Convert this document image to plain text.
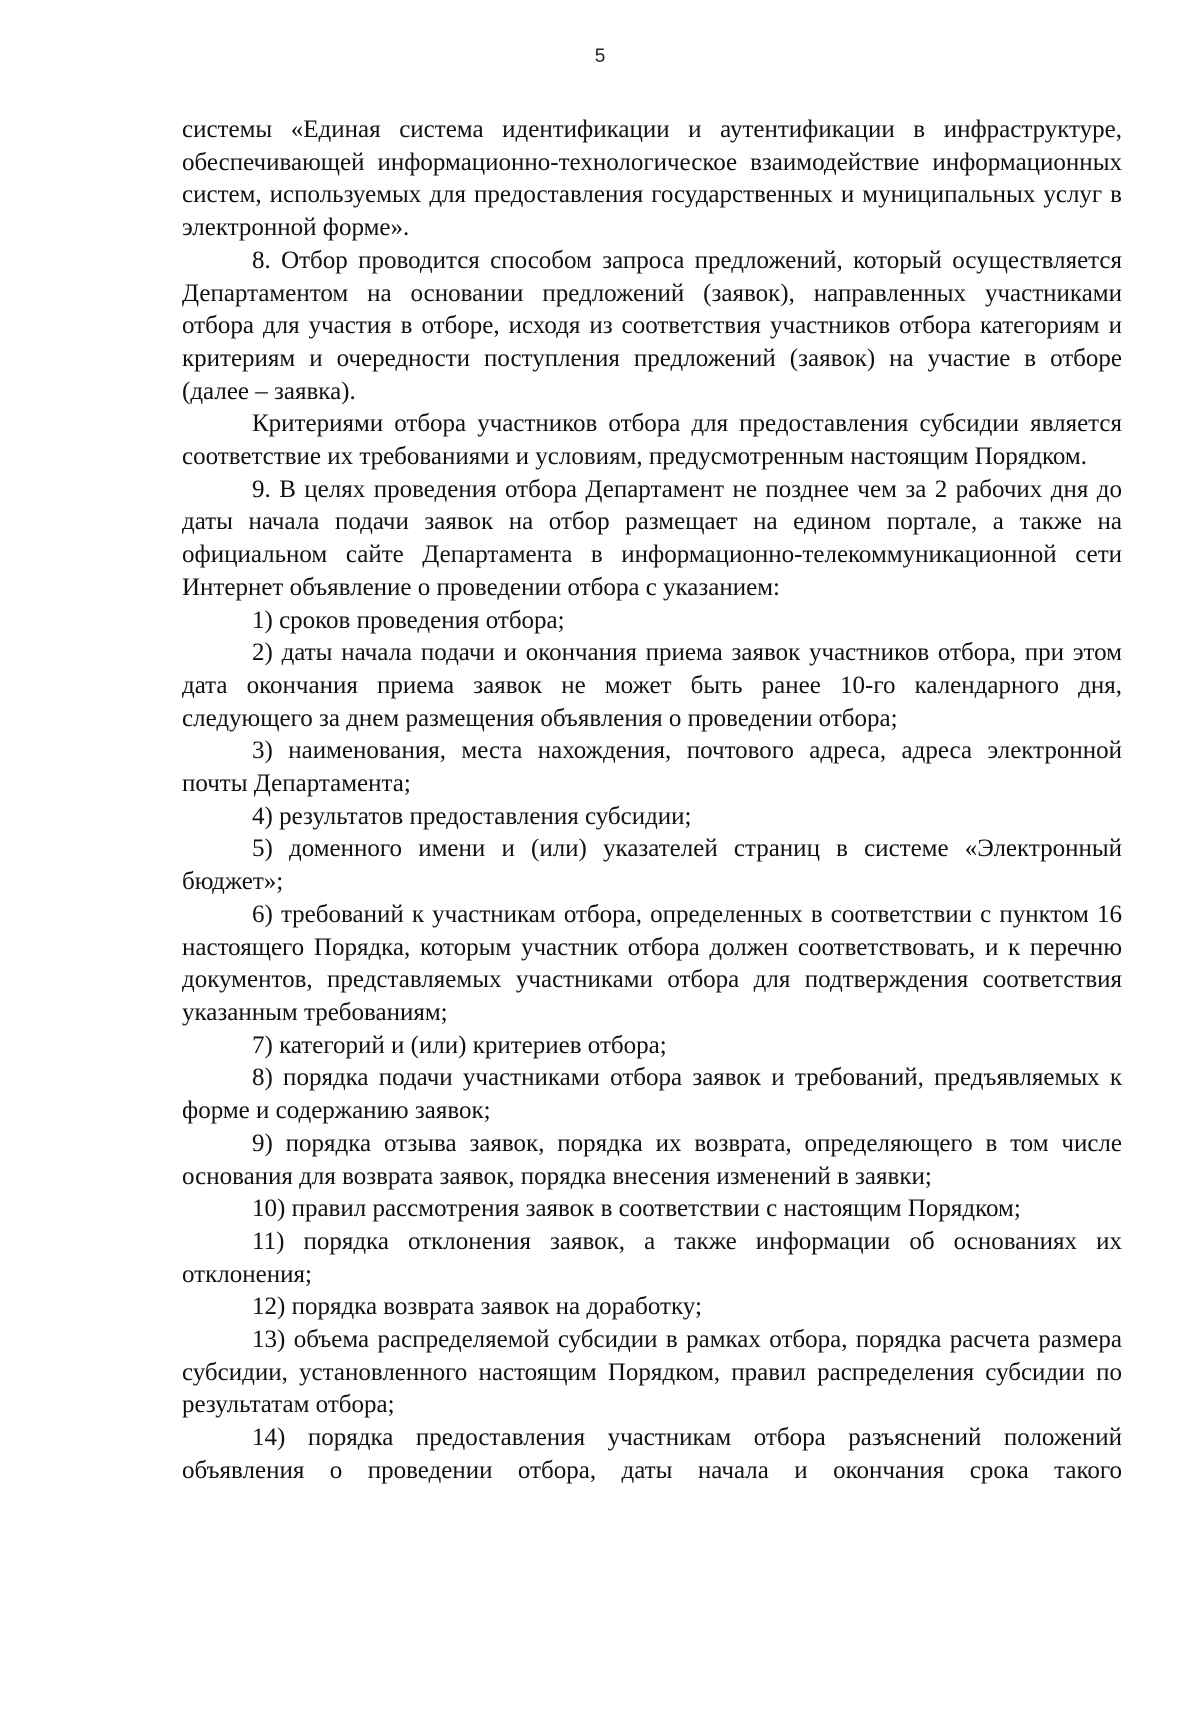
5

системы «Единая система идентификации и аутентификации в инфраструктуре, обеспечивающей информационно-технологическое взаимодействие информационных систем, используемых для предоставления государственных и муниципальных услуг в электронной форме».

8. Отбор проводится способом запроса предложений, который осуществляется Департаментом на основании предложений (заявок), направленных участниками отбора для участия в отборе, исходя из соответствия участников отбора категориям и критериям и очередности поступления предложений (заявок) на участие в отборе (далее – заявка).

Критериями отбора участников отбора для предоставления субсидии является соответствие их требованиями и условиям, предусмотренным настоящим Порядком.

9. В целях проведения отбора Департамент не позднее чем за 2 рабочих дня до даты начала подачи заявок на отбор размещает на едином портале, а также на официальном сайте Департамента в информационно-телекоммуникационной сети Интернет объявление о проведении отбора с указанием:

1) сроков проведения отбора;

2) даты начала подачи и окончания приема заявок участников отбора, при этом дата окончания приема заявок не может быть ранее 10-го календарного дня, следующего за днем размещения объявления о проведении отбора;

3) наименования, места нахождения, почтового адреса, адреса электронной почты Департамента;

4) результатов предоставления субсидии;

5) доменного имени и (или) указателей страниц в системе «Электронный бюджет»;

6) требований к участникам отбора, определенных в соответствии с пунктом 16 настоящего Порядка, которым участник отбора должен соответствовать, и к перечню документов, представляемых участниками отбора для подтверждения соответствия указанным требованиям;

7) категорий и (или) критериев отбора;

8) порядка подачи участниками отбора заявок и требований, предъявляемых к форме и содержанию заявок;

9) порядка отзыва заявок, порядка их возврата, определяющего в том числе основания для возврата заявок, порядка внесения изменений в заявки;

10) правил рассмотрения заявок в соответствии с настоящим Порядком;

11) порядка отклонения заявок, а также информации об основаниях их отклонения;

12) порядка возврата заявок на доработку;

13) объема распределяемой субсидии в рамках отбора, порядка расчета размера субсидии, установленного настоящим Порядком, правил распределения субсидии по результатам отбора;

14) порядка предоставления участникам отбора разъяснений положений объявления о проведении отбора, даты начала и окончания срока такого
